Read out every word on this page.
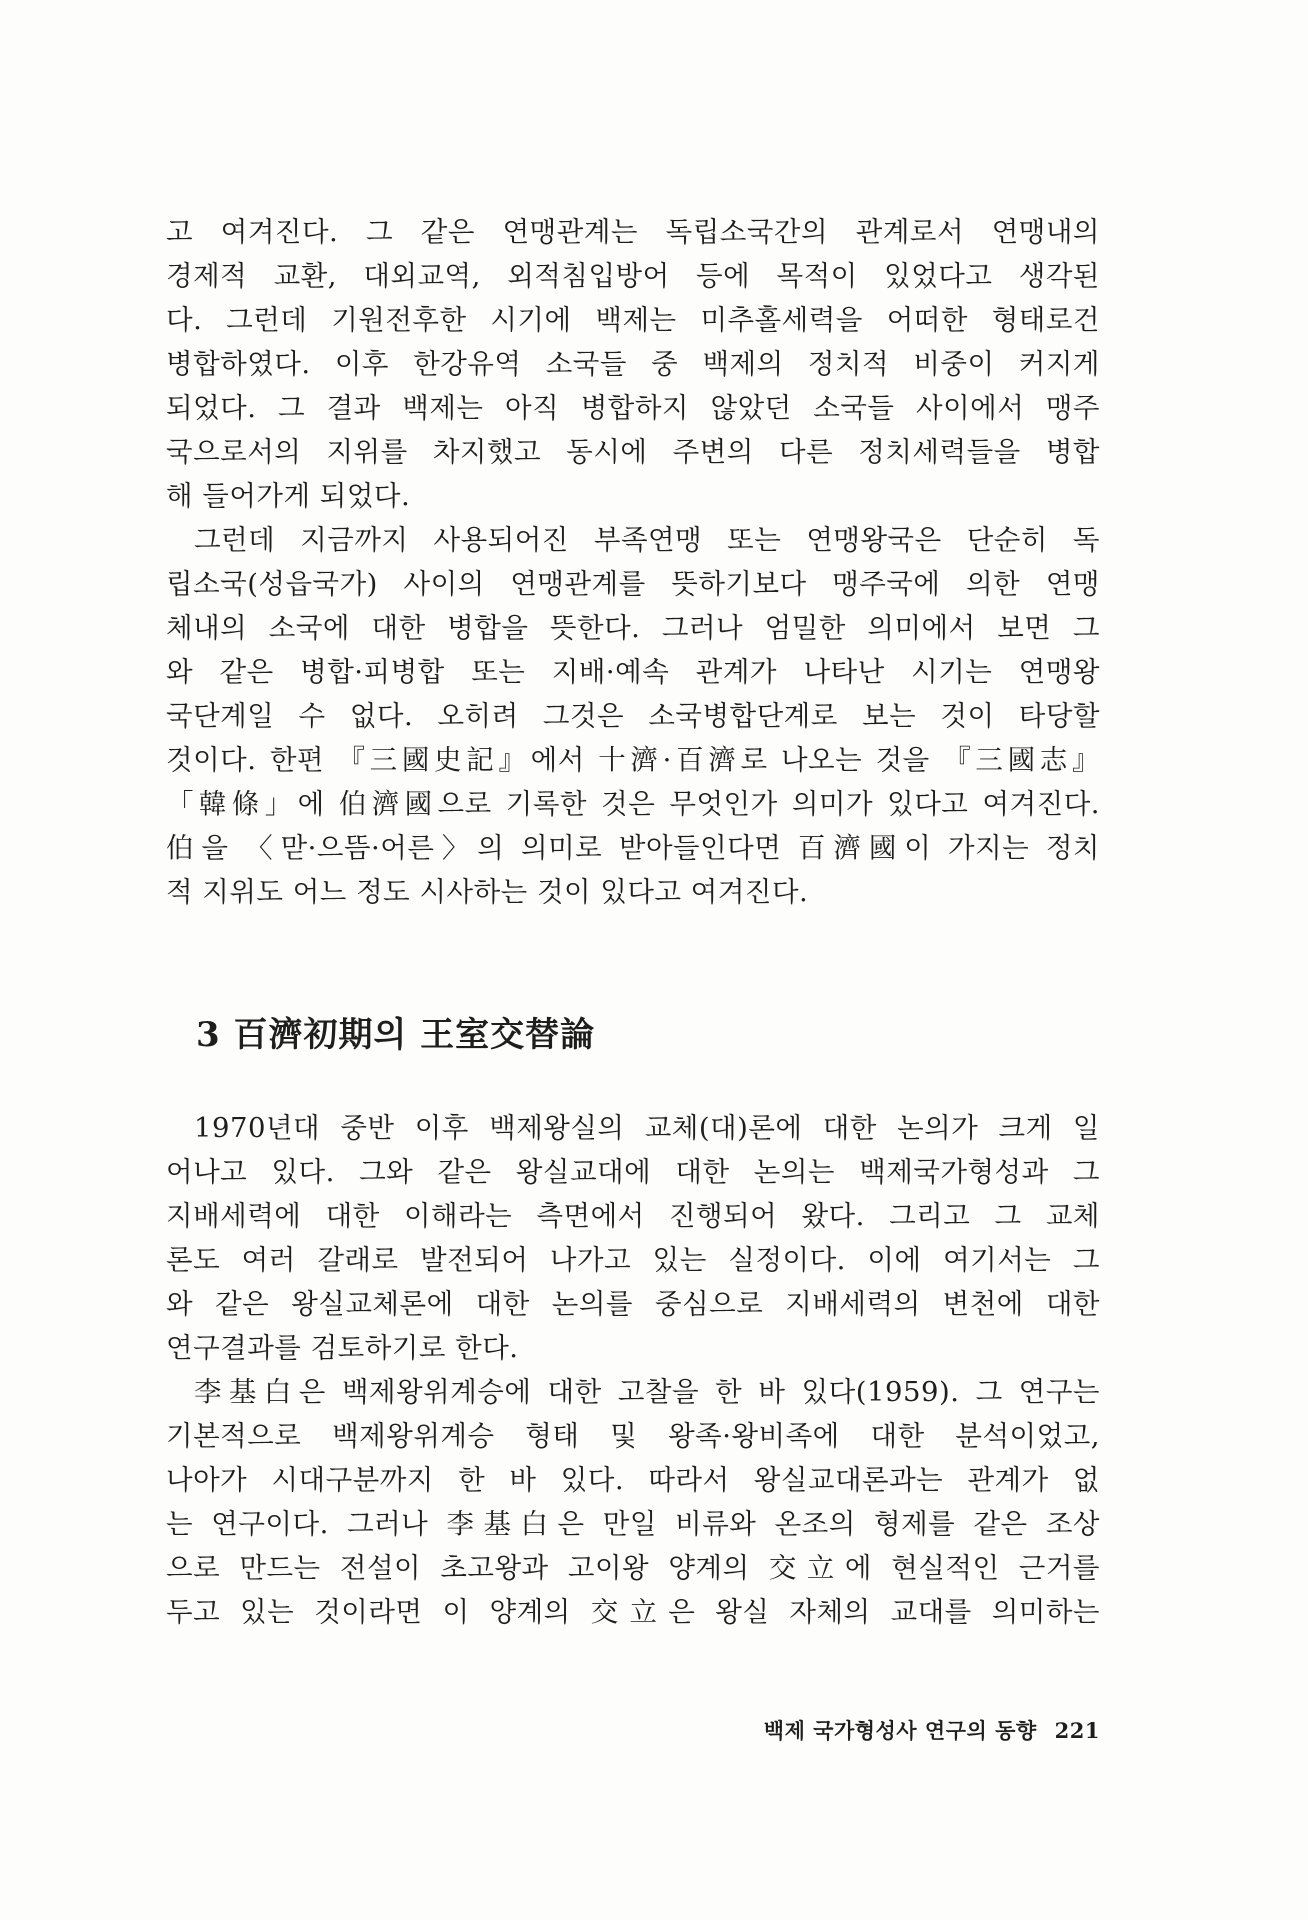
고 여겨진다. 그 같은 연맹관계는 독립소국간의 관계로서 연맹내의
경제적 교환, 대외교역, 외적침입방어 등에 목적이 있었다고 생각된
다. 그런데 기원전후한 시기에 백제는 미추홀세력을 어떠한 형태로건
병합하였다. 이후 한강유역 소국들 중 백제의 정치적 비중이 커지게
되었다. 그 결과 백제는 아직 병합하지 않았던 소국들 사이에서 맹주
국으로서의 지위를 차지했고 동시에 주변의 다른 정치세력들을 병합
해 들어가게 되었다.
그런데 지금까지 사용되어진 부족연맹 또는 연맹왕국은 단순히 독
립소국(성읍국가) 사이의 연맹관계를 뜻하기보다 맹주국에 의한 연맹
체내의 소국에 대한 병합을 뜻한다. 그러나 엄밀한 의미에서 보면 그
와 같은 병합·피병합 또는 지배·예속 관계가 나타난 시기는 연맹왕
국단계일 수 없다. 오히려 그것은 소국병합단계로 보는 것이 타당할
것이다. 한편 『三國史記』에서 十濟·百濟로 나오는 것을 『三國志』
「韓條」에 伯濟國으로 기록한 것은 무엇인가 의미가 있다고 여겨진다.
伯을 〈맏·으뜸·어른〉의 의미로 받아들인다면 百濟國이 가지는 정치
적 지위도 어느 정도 시사하는 것이 있다고 여겨진다.
3 百濟初期의 王室交替論
1970년대 중반 이후 백제왕실의 교체(대)론에 대한 논의가 크게 일
어나고 있다. 그와 같은 왕실교대에 대한 논의는 백제국가형성과 그
지배세력에 대한 이해라는 측면에서 진행되어 왔다. 그리고 그 교체
론도 여러 갈래로 발전되어 나가고 있는 실정이다. 이에 여기서는 그
와 같은 왕실교체론에 대한 논의를 중심으로 지배세력의 변천에 대한
연구결과를 검토하기로 한다.
李基白은 백제왕위계승에 대한 고찰을 한 바 있다(1959). 그 연구는
기본적으로 백제왕위계승 형태 및 왕족·왕비족에 대한 분석이었고,
나아가 시대구분까지 한 바 있다. 따라서 왕실교대론과는 관계가 없
는 연구이다. 그러나 李基白은 만일 비류와 온조의 형제를 같은 조상
으로 만드는 전설이 초고왕과 고이왕 양계의 交立에 현실적인 근거를
두고 있는 것이라면 이 양계의 交立은 왕실 자체의 교대를 의미하는
백제 국가형성사 연구의 동향 221
